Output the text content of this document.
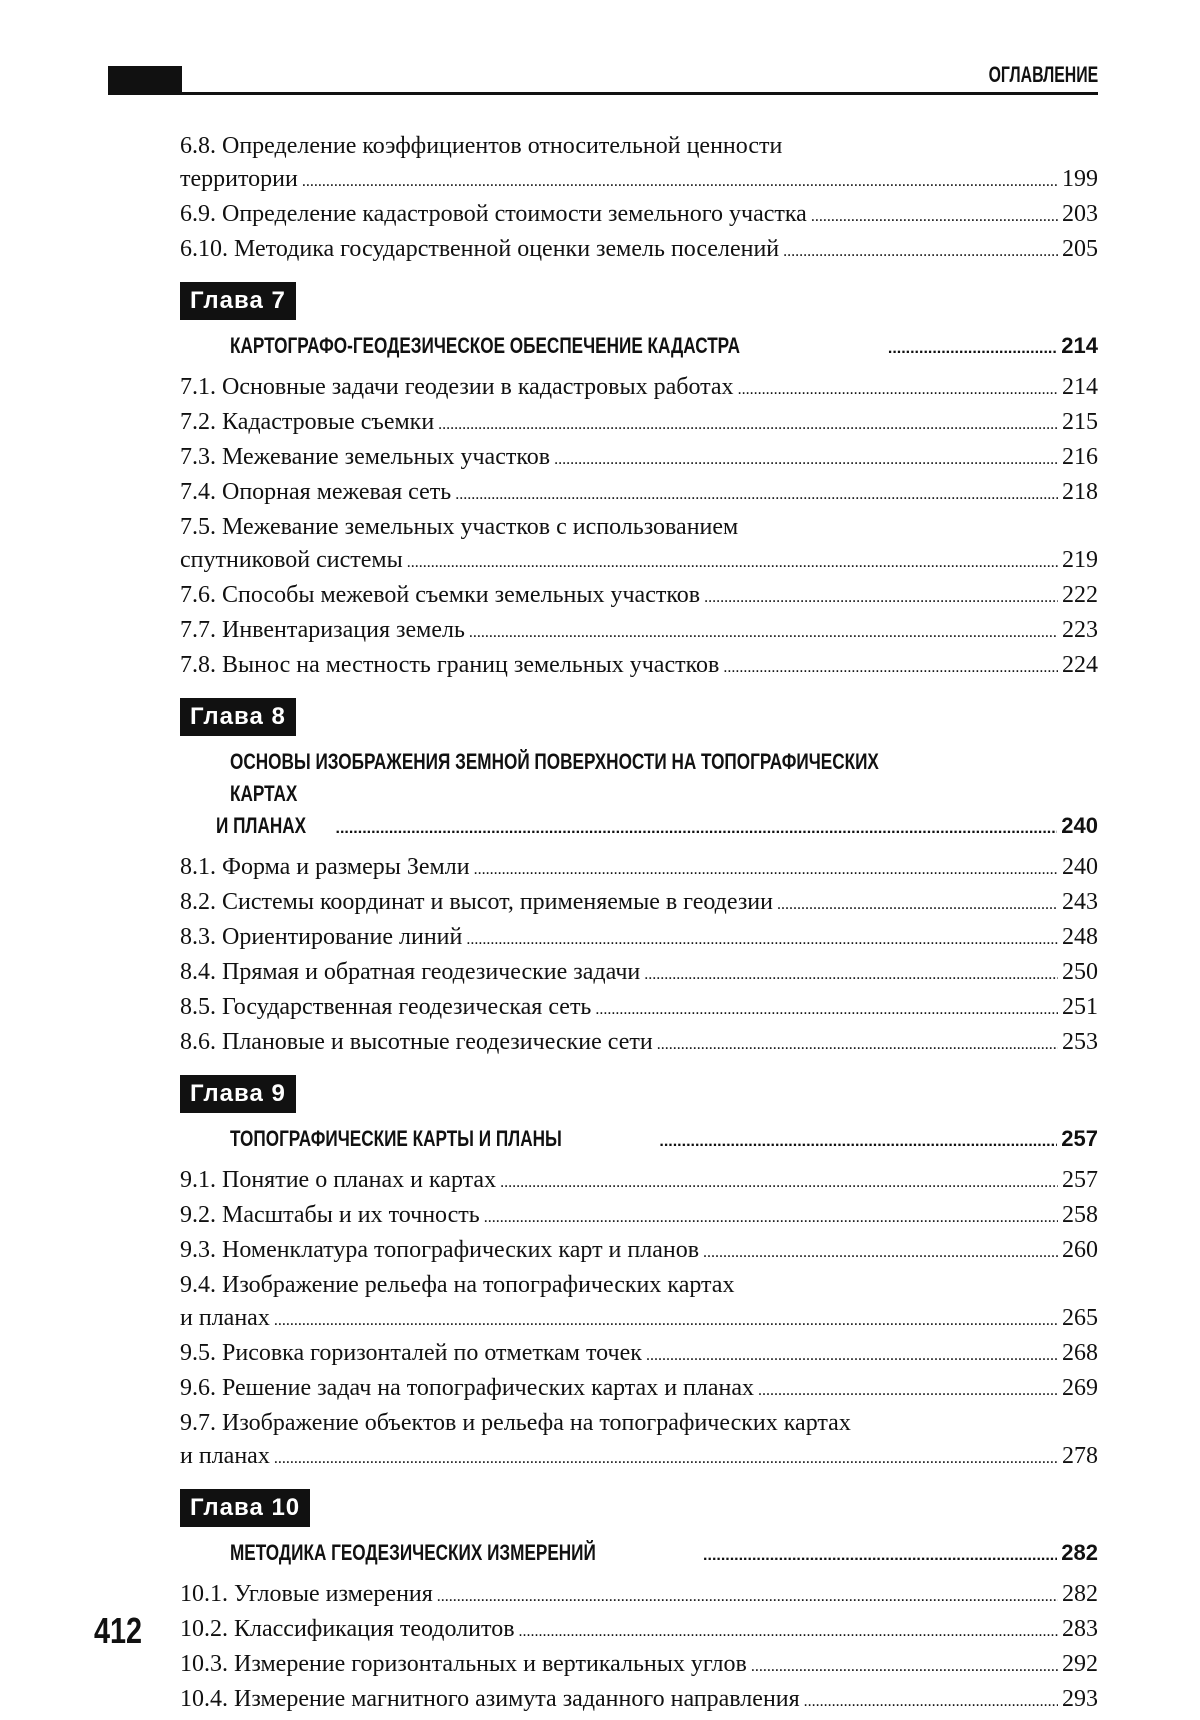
ОГЛАВЛЕНИЕ
6.8. Определение коэффициентов относительной ценности
территории .....	199
6.9. Определение кадастровой стоимости земельного участка .....	203
6.10. Методика государственной оценки земель поселений .....	205
Глава 7
КАРТОГРАФО-ГЕОДЕЗИЧЕСКОЕ ОБЕСПЕЧЕНИЕ КАДАСТРА .....	214
7.1. Основные задачи геодезии в кадастровых работах .....	214
7.2. Кадастровые съемки .....	215
7.3. Межевание земельных участков .....	216
7.4. Опорная межевая сеть .....	218
7.5. Межевание земельных участков с использованием
спутниковой системы .....	219
7.6. Способы межевой съемки земельных участков .....	222
7.7. Инвентаризация земель .....	223
7.8. Вынос на местность границ земельных участков .....	224
Глава 8
ОСНОВЫ ИЗОБРАЖЕНИЯ ЗЕМНОЙ ПОВЕРХНОСТИ НА ТОПОГРАФИЧЕСКИХ КАРТАХ
И ПЛАНАХ .....	240
8.1. Форма и размеры Земли .....	240
8.2. Системы координат и высот, применяемые в геодезии .....	243
8.3. Ориентирование линий .....	248
8.4. Прямая и обратная геодезические задачи .....	250
8.5. Государственная геодезическая сеть .....	251
8.6. Плановые и высотные геодезические сети .....	253
Глава 9
ТОПОГРАФИЧЕСКИЕ КАРТЫ И ПЛАНЫ .....	257
9.1. Понятие о планах и картах .....	257
9.2. Масштабы и их точность .....	258
9.3. Номенклатура топографических карт и планов .....	260
9.4. Изображение рельефа на топографических картах
и планах .....	265
9.5. Рисовка горизонталей по отметкам точек .....	268
9.6. Решение задач на топографических картах и планах .....	269
9.7. Изображение объектов и рельефа на топографических картах
и планах .....	278
Глава 10
МЕТОДИКА ГЕОДЕЗИЧЕСКИХ ИЗМЕРЕНИЙ .....	282
10.1. Угловые измерения .....	282
10.2. Классификация теодолитов .....	283
10.3. Измерение горизонтальных и вертикальных углов .....	292
10.4. Измерение магнитного азимута заданного направления .....	293
412
